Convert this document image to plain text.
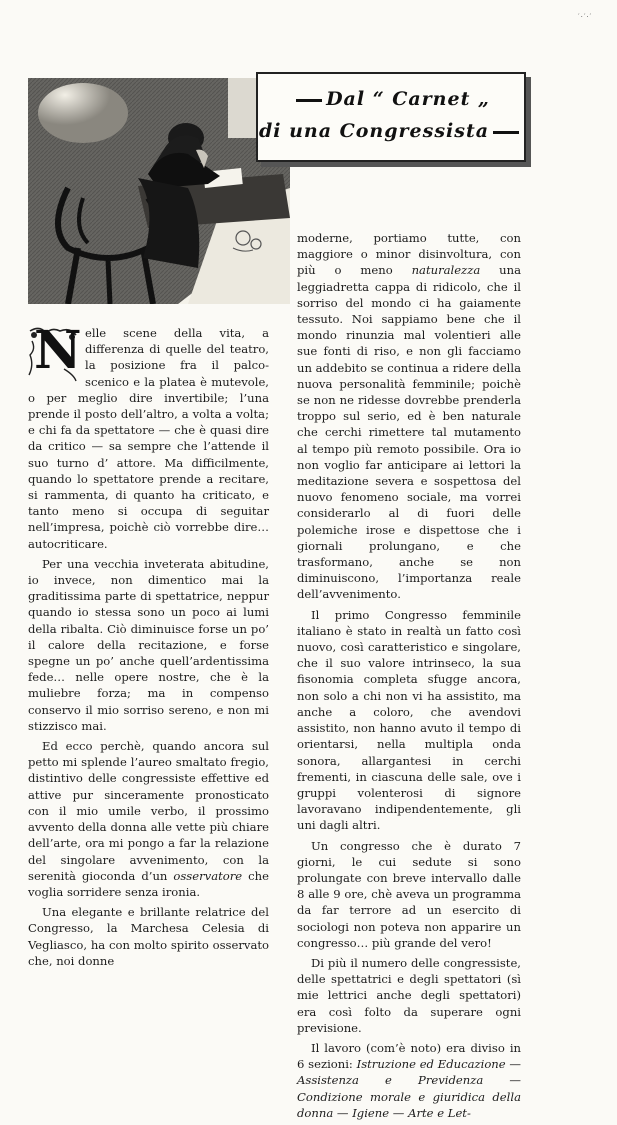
′·′·′
Dal “ Carnet „
di una Congressista

N elle scene della vita, a differenza di quelle del teatro, la posizione fra il palco-scenico e la platea è mutevole, o per meglio dire invertibile; l’una prende il posto dell’altro, a volta a volta; e chi fa da spettatore — che è quasi dire da critico — sa sempre che l’attende il suo turno d’ attore. Ma difficilmente, quando lo spettatore prende a recitare, si rammenta, di quanto ha criticato, e tanto meno si occupa di seguitar nell’impresa, poichè ciò vorrebbe dire… autocriticare.

Per una vecchia inveterata abitudine, io invece, non dimentico mai la graditissima parte di spettatrice, neppur quando io stessa sono un poco ai lumi della ribalta. Ciò diminuisce forse un po’ il calore della recitazione, e forse spegne un po’ anche quell’ardentissima fede… nelle opere nostre, che è la muliebre forza; ma in compenso conservo il mio sorriso sereno, e non mi stizzisco mai.

Ed ecco perchè, quando ancora sul petto mi splende l’aureo smaltato fregio, distintivo delle congressiste effettive ed attive pur sinceramente pronosticato con il mio umile verbo, il prossimo avvento della donna alle vette più chiare dell’arte, ora mi pongo a far la relazione del singolare avvenimento, con la serenità gioconda d’un osservatore che voglia sorridere senza ironia.

Una elegante e brillante relatrice del Congresso, la Marchesa Celesia di Vegliasco, ha con molto spirito osservato che, noi donne

moderne, portiamo tutte, con maggiore o minor disinvoltura, con più o meno naturalezza una leggiadretta cappa di ridicolo, che il sorriso del mondo ci ha gaiamente tessuto. Noi sappiamo bene che il mondo rinunzia mal volentieri alle sue fonti di riso, e non gli facciamo un addebito se continua a ridere della nuova personalità femminile; poichè se non ne ridesse dovrebbe prenderla troppo sul serio, ed è ben naturale che cerchi rimettere tal mutamento al tempo più remoto possibile. Ora io non voglio far anticipare ai lettori la meditazione severa e sospettosa del nuovo fenomeno sociale, ma vorrei considerarlo al di fuori delle polemiche irose e dispettose che i giornali prolungano, e che trasformano, anche se non diminuiscono, l’importanza reale dell’avvenimento.

Il primo Congresso femminile italiano è stato in realtà un fatto così nuovo, così caratteristico e singolare, che il suo valore intrinseco, la sua fisonomia completa sfugge ancora, non solo a chi non vi ha assistito, ma anche a coloro, che avendovi assistito, non hanno avuto il tempo di orientarsi, nella multipla onda sonora, allargantesi in cerchi frementi, in ciascuna delle sale, ove i gruppi volenterosi di signore lavoravano indipendentemente, gli uni dagli altri.

Un congresso che è durato 7 giorni, le cui sedute si sono prolungate con breve intervallo dalle 8 alle 9 ore, chè aveva un programma da far terrore ad un esercito di sociologi non poteva non apparire un congresso… più grande del vero!

Di più il numero delle congressiste, delle spettatrici e degli spettatori (sì mie lettrici anche degli spettatori) era così folto da superare ogni previsione.

Il lavoro (com’è noto) era diviso in 6 sezioni: Istruzione ed Educazione — Assistenza e Previdenza — Condizione morale e giuridica della donna — Igiene — Arte e Let-
